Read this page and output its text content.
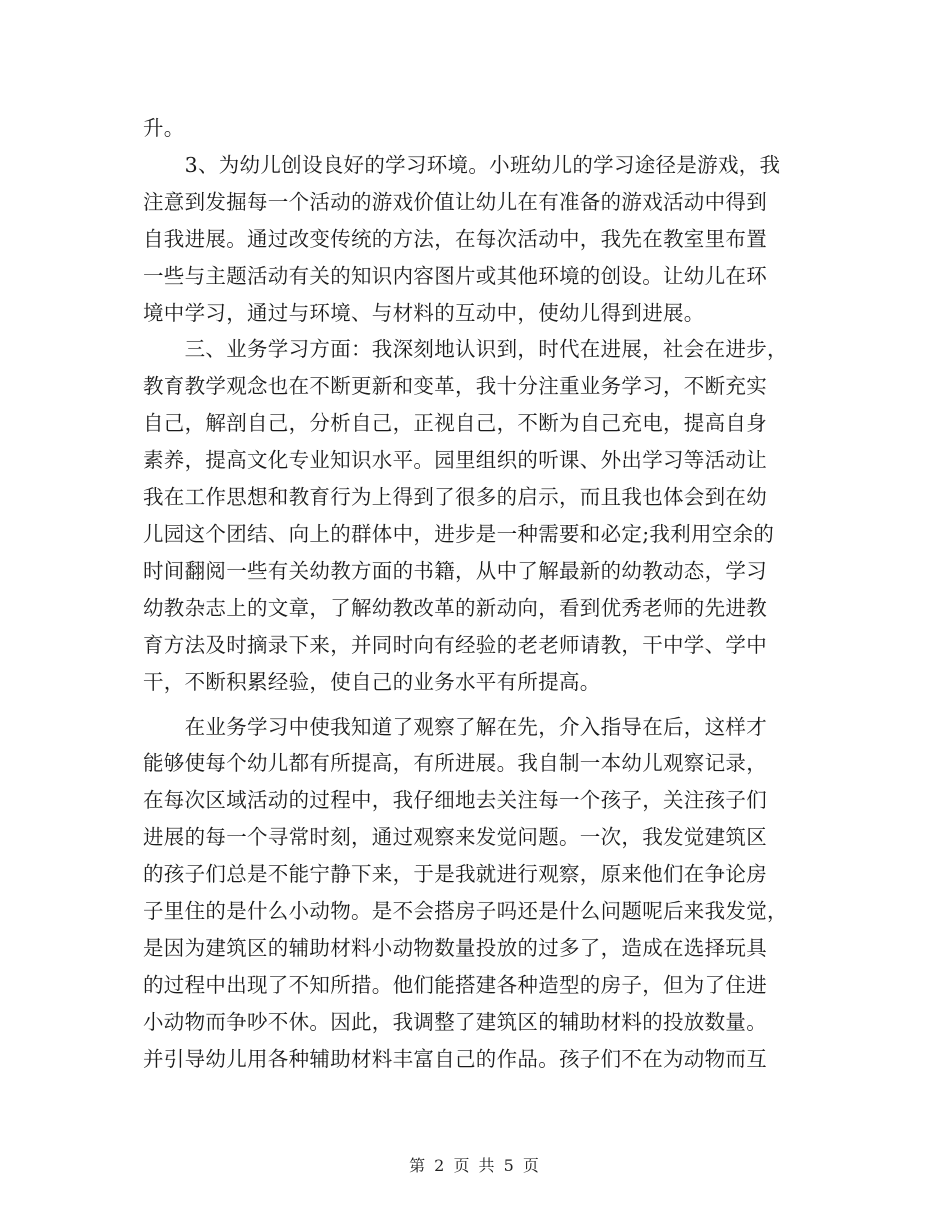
升。
　　3、为幼儿创设良好的学习环境。小班幼儿的学习途径是游戏，我
注意到发掘每一个活动的游戏价值让幼儿在有准备的游戏活动中得到
自我进展。通过改变传统的方法，在每次活动中，我先在教室里布置
一些与主题活动有关的知识内容图片或其他环境的创设。让幼儿在环
境中学习，通过与环境、与材料的互动中，使幼儿得到进展。
　　三、业务学习方面：我深刻地认识到，时代在进展，社会在进步，
教育教学观念也在不断更新和变革，我十分注重业务学习，不断充实
自己，解剖自己，分析自己，正视自己，不断为自己充电，提高自身
素养，提高文化专业知识水平。园里组织的听课、外出学习等活动让
我在工作思想和教育行为上得到了很多的启示，而且我也体会到在幼
儿园这个团结、向上的群体中，进步是一种需要和必定;我利用空余的
时间翻阅一些有关幼教方面的书籍，从中了解最新的幼教动态，学习
幼教杂志上的文章，了解幼教改革的新动向，看到优秀老师的先进教
育方法及时摘录下来，并同时向有经验的老老师请教，干中学、学中
干，不断积累经验，使自己的业务水平有所提高。
　　在业务学习中使我知道了观察了解在先，介入指导在后，这样才
能够使每个幼儿都有所提高，有所进展。我自制一本幼儿观察记录，
在每次区域活动的过程中，我仔细地去关注每一个孩子，关注孩子们
进展的每一个寻常时刻，通过观察来发觉问题。一次，我发觉建筑区
的孩子们总是不能宁静下来，于是我就进行观察，原来他们在争论房
子里住的是什么小动物。是不会搭房子吗还是什么问题呢后来我发觉，
是因为建筑区的辅助材料小动物数量投放的过多了，造成在选择玩具
的过程中出现了不知所措。他们能搭建各种造型的房子，但为了住进
小动物而争吵不休。因此，我调整了建筑区的辅助材料的投放数量。
并引导幼儿用各种辅助材料丰富自己的作品。孩子们不在为动物而互
第 2 页 共 5 页
